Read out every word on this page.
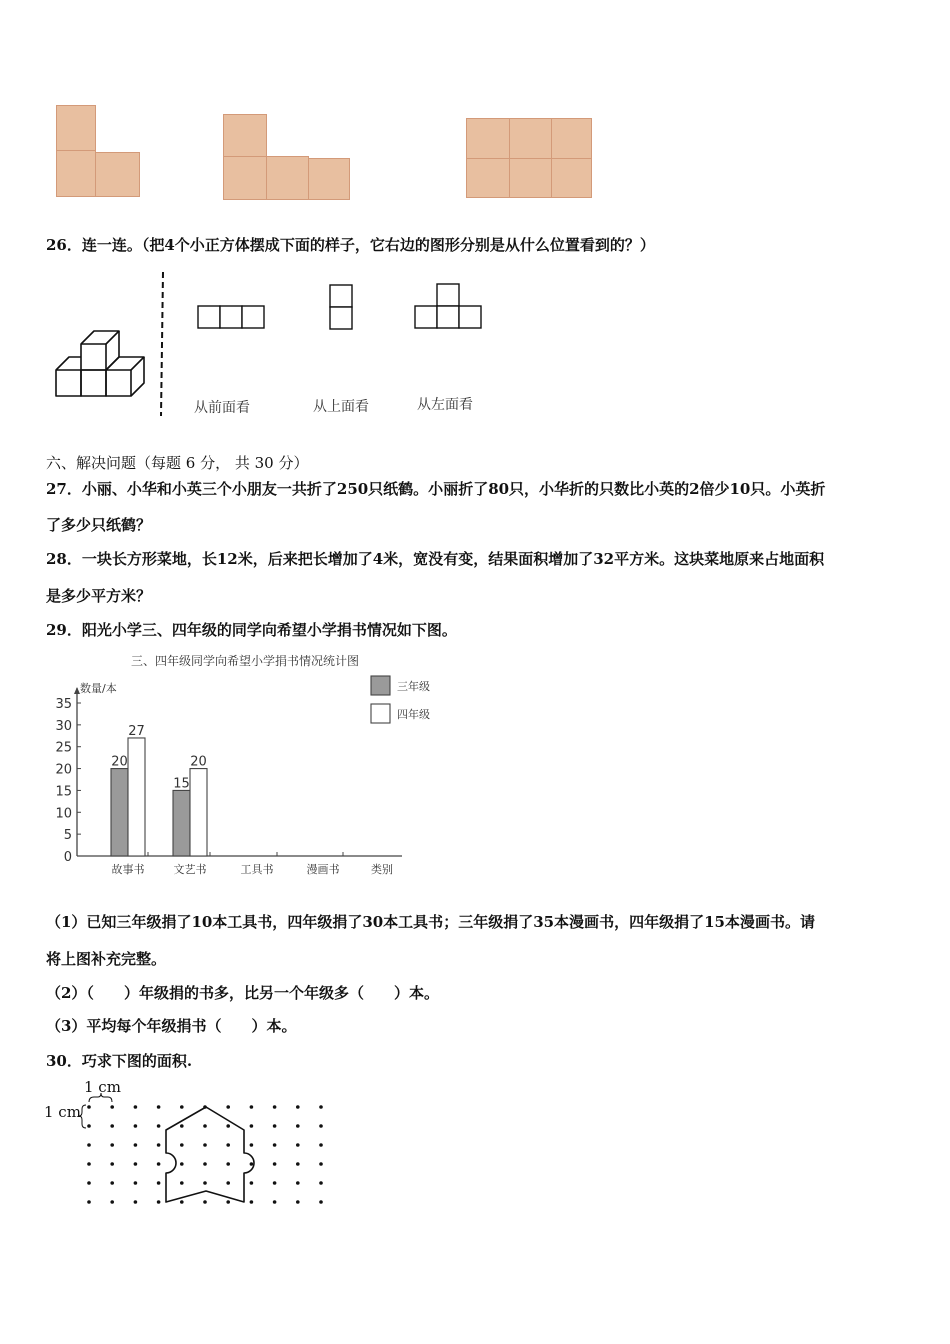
26．连一连。（把4个小正方体摆成下面的样子，它右边的图形分别是从什么位置看到的？）
从前面看	从上面看	从左面看
六、解决问题（每题 6 分， 共 30 分）
27．小丽、小华和小英三个小朋友一共折了250只纸鹤。小丽折了80只，小华折的只数比小英的2倍少10只。小英折
了多少只纸鹤？
28．一块长方形菜地，长12米，后来把长增加了4米，宽没有变，结果面积增加了32平方米。这块菜地原来占地面积
是多少平方米？
29．阳光小学三、四年级的同学向希望小学捐书情况如下图。
三、四年级同学向希望小学捐书情况统计图
数量/本
0
5
10
15
20
25
30
35
20
27
故事书
15
20
文艺书	工具书	漫画书	类别
三年级
四年级
（1）已知三年级捐了10本工具书，四年级捐了30本工具书；三年级捐了35本漫画书，四年级捐了15本漫画书。请
将上图补充完整。
（2）（　　）年级捐的书多，比另一个年级多（　　）本。
（3）平均每个年级捐书（　　）本。
30．巧求下图的面积.
1 cm
1 cm
